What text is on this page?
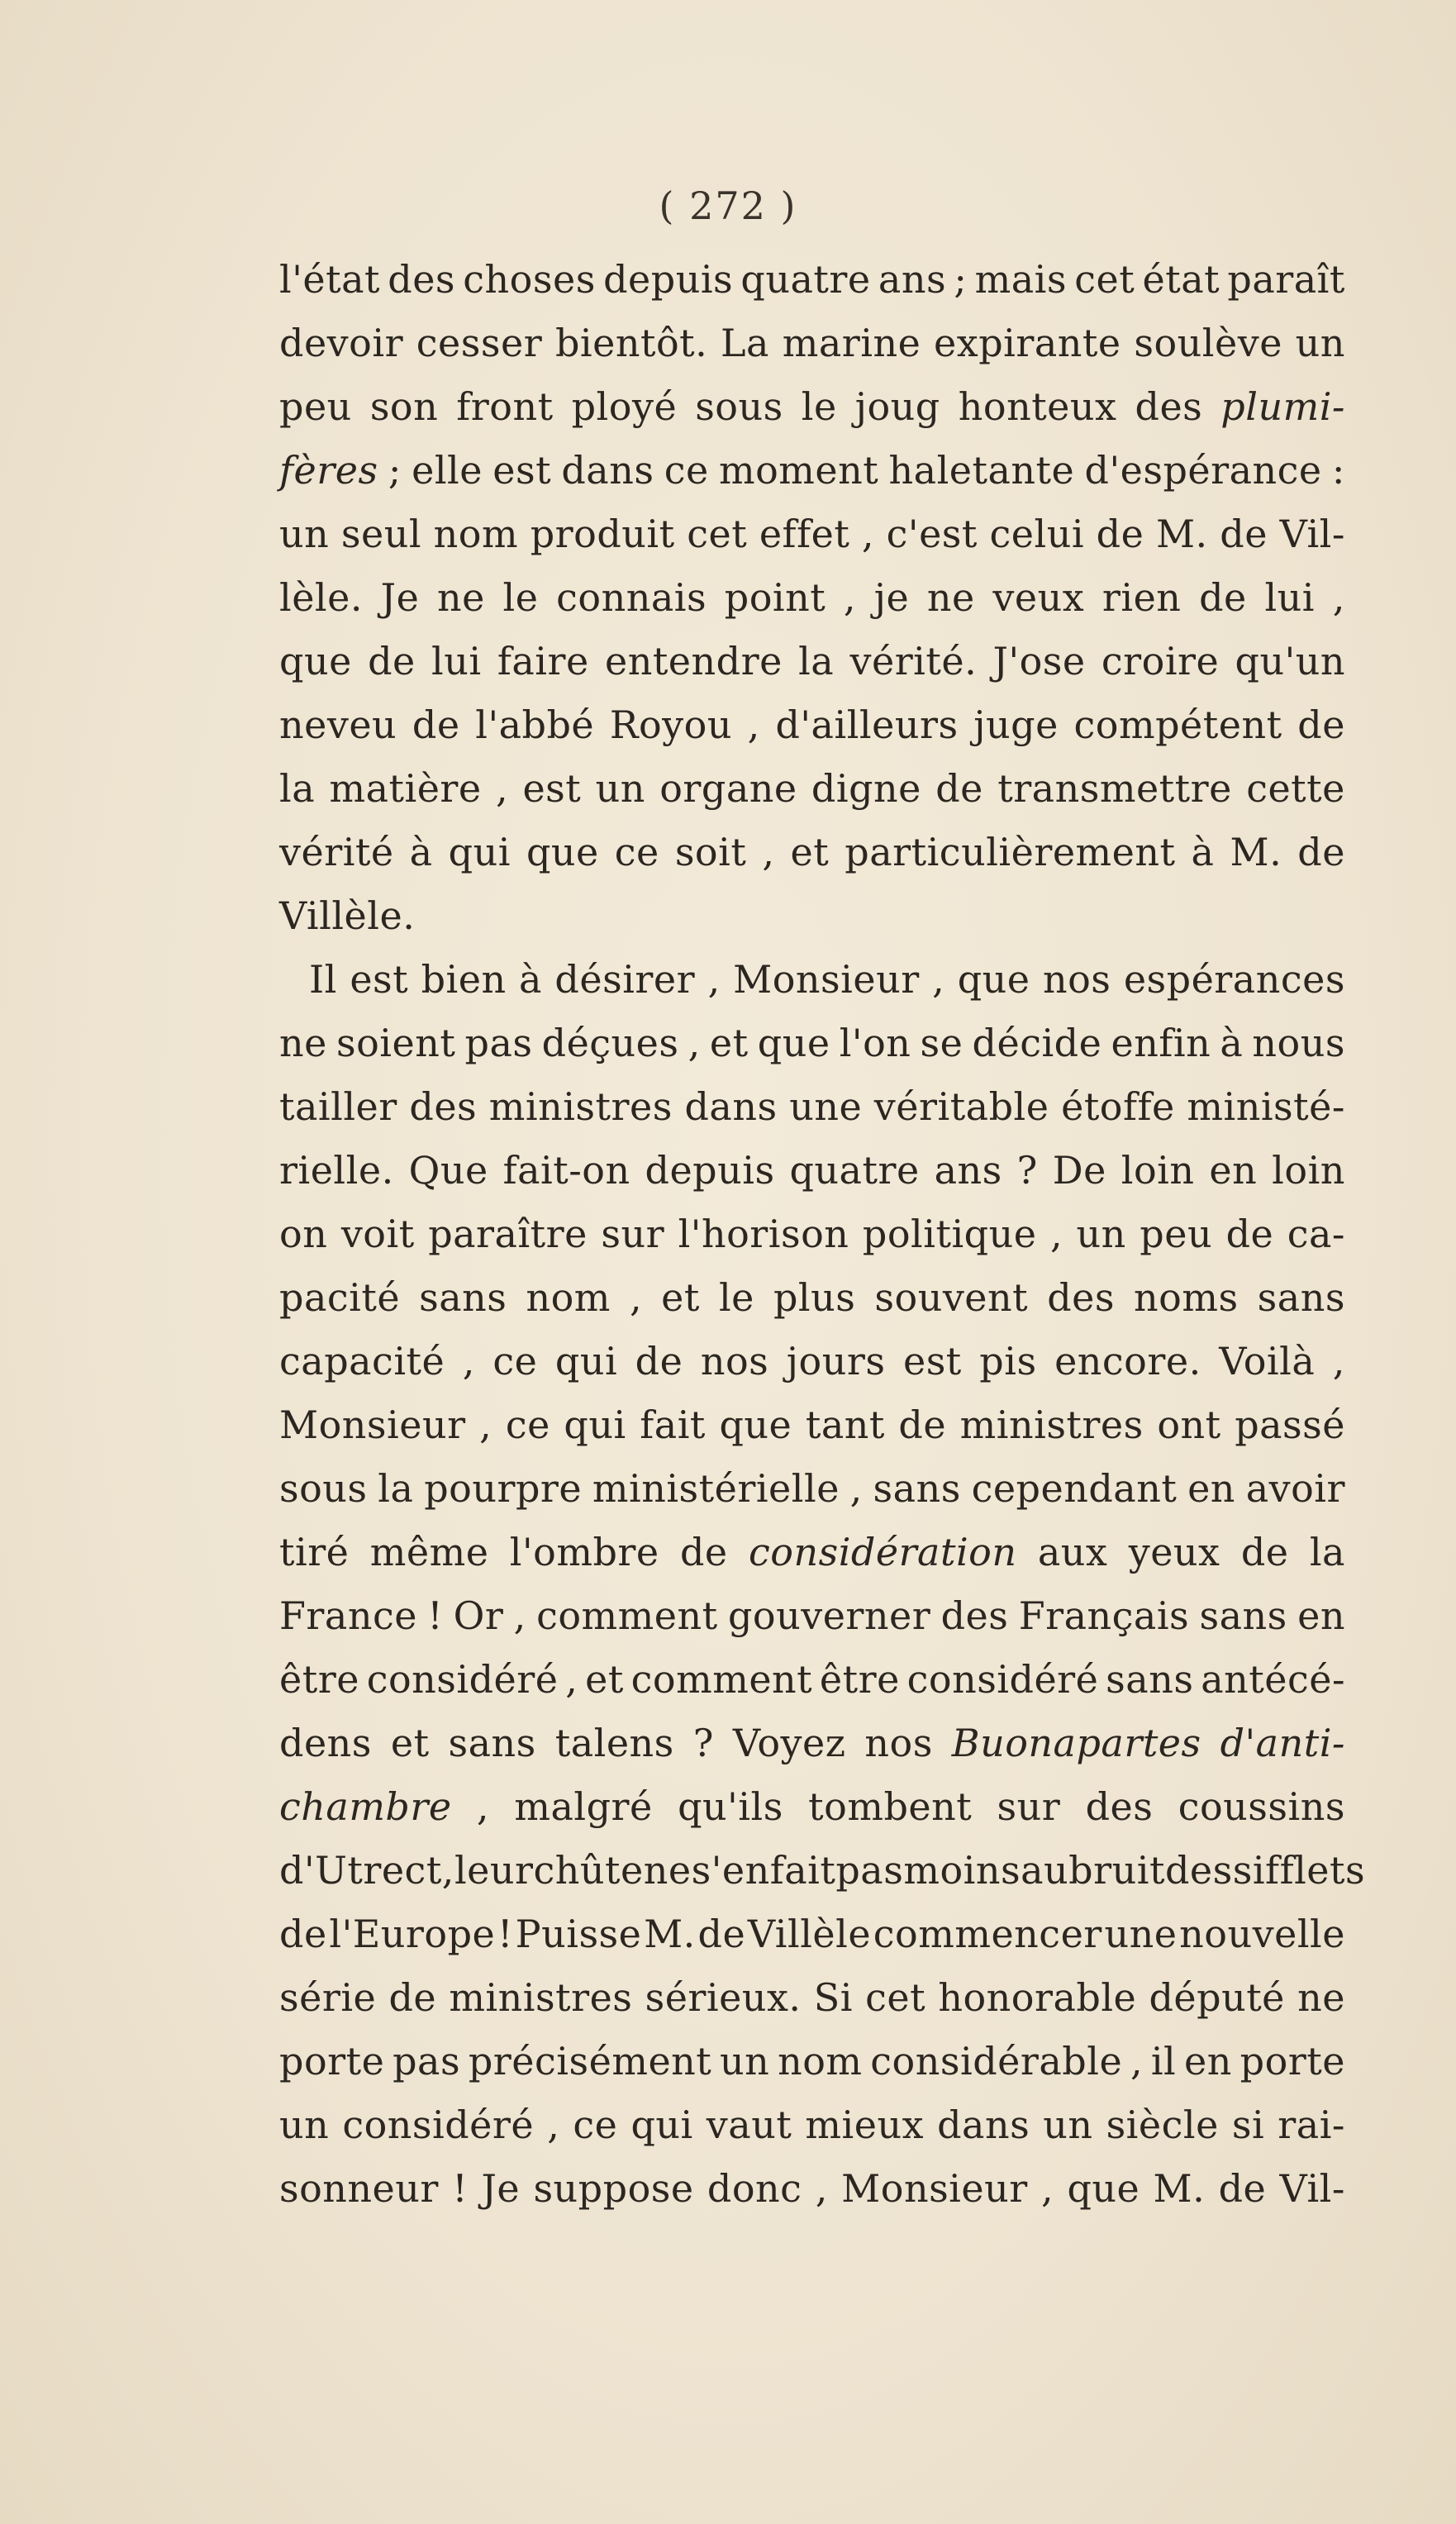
( 272 )
l'état des choses depuis quatre ans ; mais cet état paraît
devoir cesser bientôt. La marine expirante soulève un
peu son front ployé sous le joug honteux des plumi-
fères ; elle est dans ce moment haletante d'espérance :
un seul nom produit cet effet , c'est celui de M. de Vil-
lèle. Je ne le connais point , je ne veux rien de lui ,
que de lui faire entendre la vérité. J'ose croire qu'un
neveu de l'abbé Royou , d'ailleurs juge compétent de
la matière , est un organe digne de transmettre cette
vérité à qui que ce soit , et particulièrement à M. de
Villèle.
Il est bien à désirer , Monsieur , que nos espérances
ne soient pas déçues , et que l'on se décide enfin à nous
tailler des ministres dans une véritable étoffe ministé-
rielle. Que fait-on depuis quatre ans ? De loin en loin
on voit paraître sur l'horison politique , un peu de ca-
pacité sans nom , et le plus souvent des noms sans
capacité , ce qui de nos jours est pis encore. Voilà ,
Monsieur , ce qui fait que tant de ministres ont passé
sous la pourpre ministérielle , sans cependant en avoir
tiré même l'ombre de considération aux yeux de la
France ! Or , comment gouverner des Français sans en
être considéré , et comment être considéré sans antécé-
dens et sans talens ? Voyez nos Buonapartes d'anti-
chambre , malgré qu'ils tombent sur des coussins
d'Utrect, leur chûte ne s'en fait pas moins au bruit des sifflets
de l'Europe ! Puisse M. de Villèle commencer une nouvelle
série de ministres sérieux. Si cet honorable député ne
porte pas précisément un nom considérable , il en porte
un considéré , ce qui vaut mieux dans un siècle si rai-
sonneur ! Je suppose donc , Monsieur , que M. de Vil-
